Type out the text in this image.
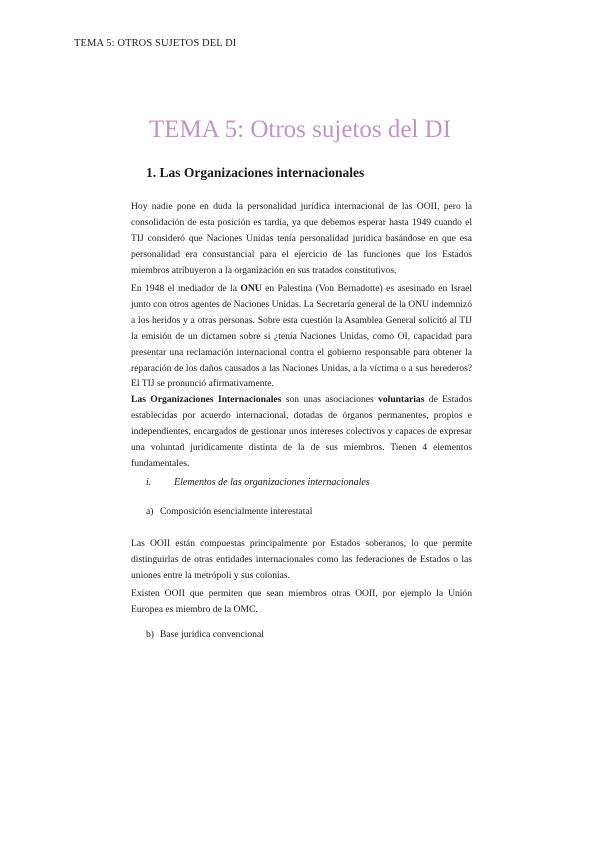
TEMA 5: OTROS SUJETOS DEL DI
TEMA 5: Otros sujetos del DI
1. Las Organizaciones internacionales

Hoy nadie pone en duda la personalidad jurídica internacional de las OOII, pero la consolidación de esta posición es tardía, ya que debemos esperar hasta 1949 cuando el TIJ consideró que Naciones Unidas tenía personalidad jurídica basándose en que esa personalidad era consustancial para el ejercicio de las funciones que los Estados miembros atribuyeron a la organización en sus tratados constitutivos.

En 1948 el mediador de la ONU en Palestina (Von Bernadotte) es asesinado en Israel junto con otros agentes de Naciones Unidas. La Secretaría general de la ONU indemnizó a los heridos y a otras personas. Sobre esta cuestión la Asamblea General solicitó al TIJ la emisión de un dictamen sobre si ¿tenía Naciones Unidas, como OI, capacidad para presentar una reclamación internacional contra el gobierno responsable para obtener la reparación de los daños causados a las Naciones Unidas, a la víctima o a sus herederos? El TIJ se pronunció afirmativamente.

Las Organizaciones Internacionales son unas asociaciones voluntarias de Estados establecidas por acuerdo internacional, dotadas de órganos permanentes, propios e independientes, encargados de gestionar unos intereses colectivos y capaces de expresar una voluntad jurídicamente distinta de la de sus miembros. Tienen 4 elementos fundamentales.

i. Elementos de las organizaciones internacionales

a) Composición esencialmente interestatal

Las OOII están compuestas principalmente por Estados soberanos, lo que permite distinguirlas de otras entidades internacionales como las federaciones de Estados o las uniones entre la metrópoli y sus colonias.

Existen OOII que permiten que sean miembros otras OOII, por ejemplo la Unión Europea es miembro de la OMC.

b) Base jurídica convencional
